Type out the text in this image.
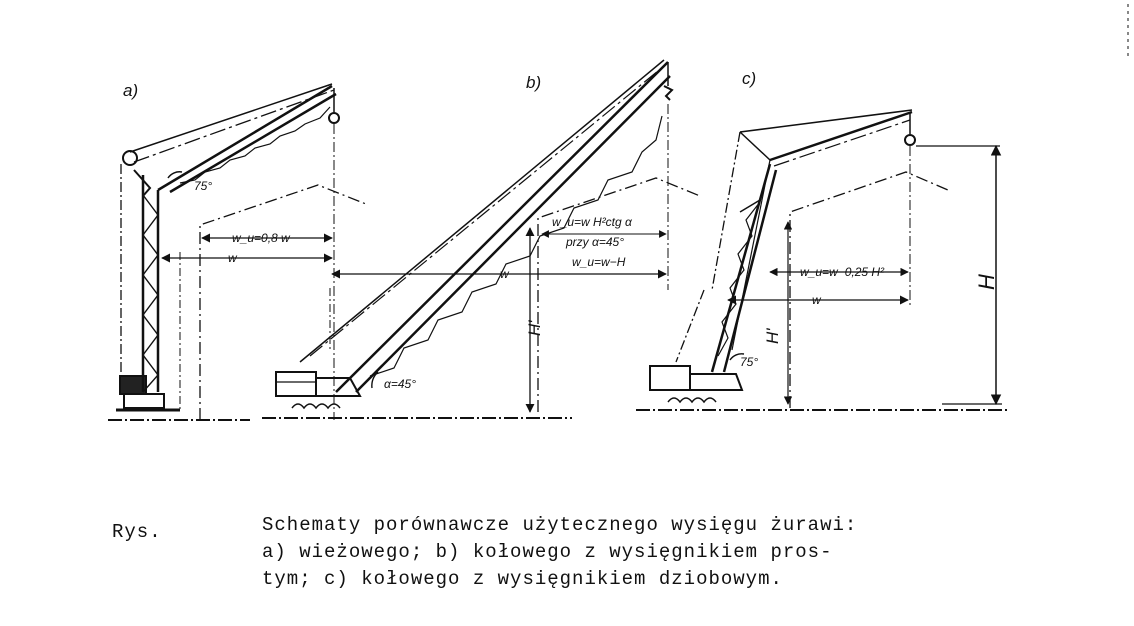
a)
75°
w_u=0,8 w
w
b)
w_u=w H²ctg α
przy α=45°
w_u=w−H
w
H'
α=45°
c)
w_u=w−0,25 H²
w
H
H'
75°
Rys.	Schematy porównawcze użytecznego wysięgu żurawi:
a) wieżowego; b) kołowego z wysięgnikiem pros-
tym; c) kołowego z wysięgnikiem dziobowym.
